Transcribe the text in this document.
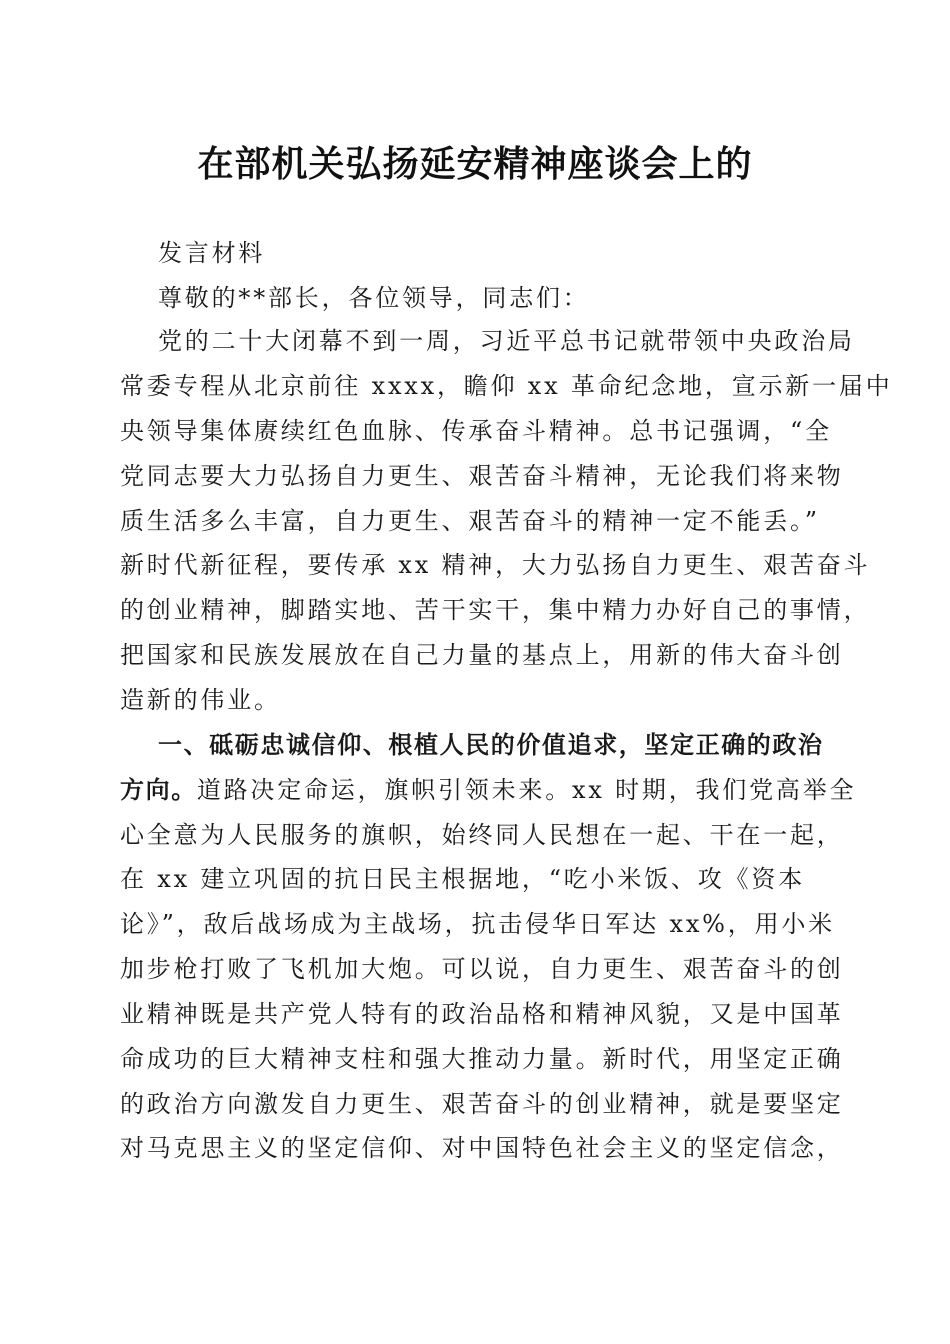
在部机关弘扬延安精神座谈会上的
发言材料
尊敬的**部长，各位领导，同志们：
党的二十大闭幕不到一周，习近平总书记就带领中央政治局
常委专程从北京前往 xxxx，瞻仰 xx 革命纪念地，宣示新一届中
央领导集体赓续红色血脉、传承奋斗精神。总书记强调，“全
党同志要大力弘扬自力更生、艰苦奋斗精神，无论我们将来物
质生活多么丰富，自力更生、艰苦奋斗的精神一定不能丢。”
新时代新征程，要传承 xx 精神，大力弘扬自力更生、艰苦奋斗
的创业精神，脚踏实地、苦干实干，集中精力办好自己的事情，
把国家和民族发展放在自己力量的基点上，用新的伟大奋斗创
造新的伟业。
一、砥砺忠诚信仰、根植人民的价值追求，坚定正确的政治
方向。道路决定命运，旗帜引领未来。xx 时期，我们党高举全
心全意为人民服务的旗帜，始终同人民想在一起、干在一起，
在 xx 建立巩固的抗日民主根据地，“吃小米饭、攻《资本
论》”，敌后战场成为主战场，抗击侵华日军达 xx%，用小米
加步枪打败了飞机加大炮。可以说，自力更生、艰苦奋斗的创
业精神既是共产党人特有的政治品格和精神风貌，又是中国革
命成功的巨大精神支柱和强大推动力量。新时代，用坚定正确
的政治方向激发自力更生、艰苦奋斗的创业精神，就是要坚定
对马克思主义的坚定信仰、对中国特色社会主义的坚定信念，
